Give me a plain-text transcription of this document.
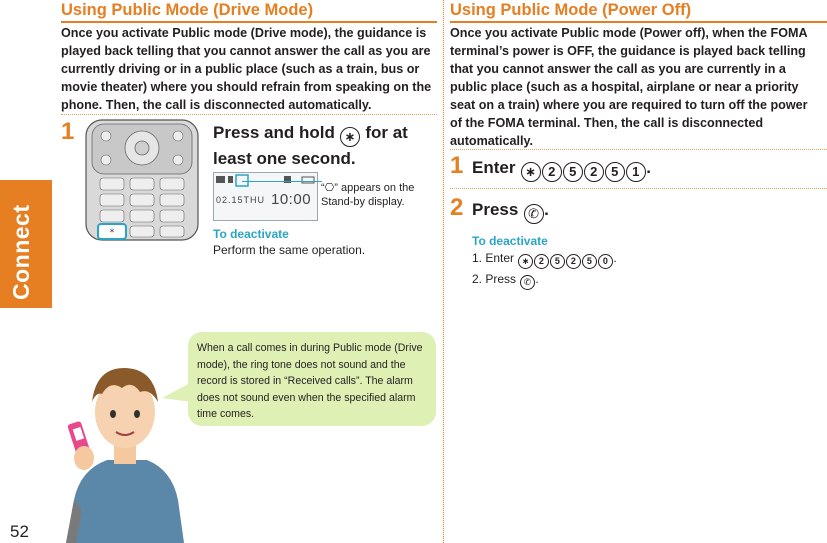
Connect
52
Using Public Mode (Drive Mode)
Once you activate Public mode (Drive mode), the guidance is played back telling that you cannot answer the call as you are currently driving or in a public place (such as a train, bus or movie theater) where you should refrain from speaking on the phone. Then, the call is disconnected automatically.
1
*
Press and hold ∗ for at least one second.
02.15THU 10:00
“⎔” appears on the Stand-by display.
To deactivate
Perform the same operation.
When a call comes in during Public mode (Drive mode), the ring tone does not sound and the record is stored in “Received calls”. The alarm does not sound even when the specified alarm time comes.
Using Public Mode (Power Off)
Once you activate Public mode (Power off), when the FOMA terminal’s power is OFF, the guidance is played back telling that you cannot answer the call as you are currently in a public place (such as a hospital, airplane or near a priority seat on a train) where you are required to turn off the power of the FOMA terminal. Then, the call is disconnected automatically.
1 Enter ∗ 2 5 2 5 1 .
2 Press ✆ .
To deactivate
1. Enter ∗ 2 5 2 5 0 .
2. Press ✆ .
